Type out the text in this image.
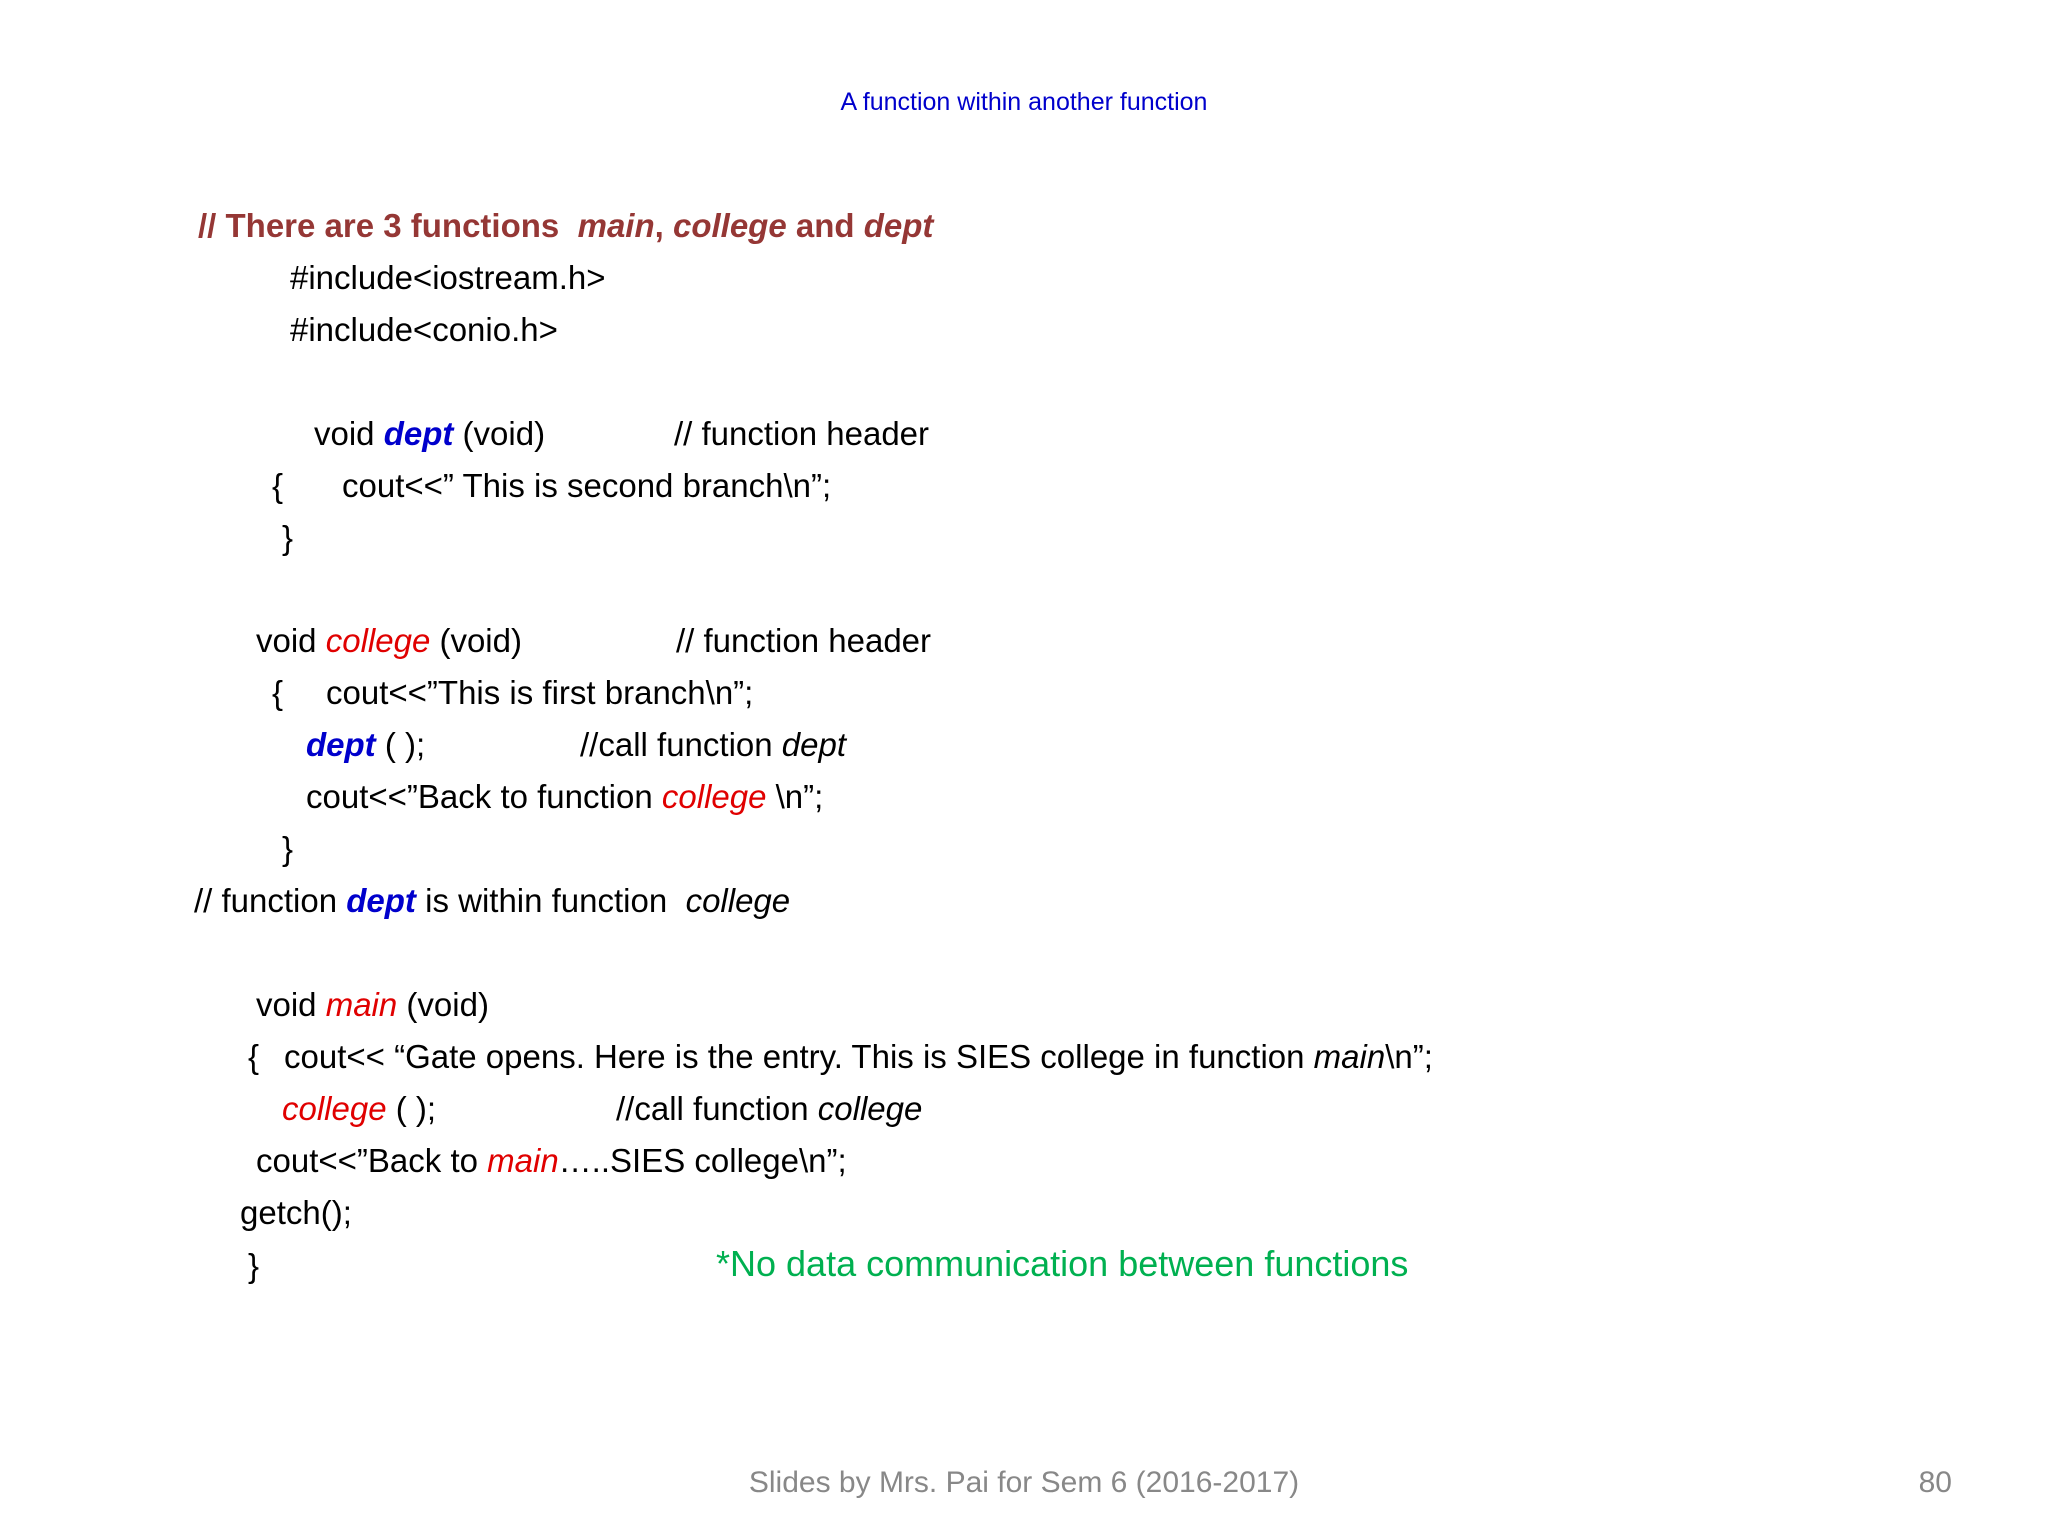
A function within another function
// There are 3 functions  main, college and dept
#include<iostream.h>
#include<conio.h>
void dept (void)	// function header
{ cout<<” This is second branch\n”;
}
void college (void)	// function header
{ cout<<”This is first branch\n”;
dept ( );	//call function dept
cout<<”Back to function college \n”;
}
// function dept is within function  college
void main (void)
{ cout<< “Gate opens. Here is the entry. This is SIES college in function main\n”;
college ( );	//call function college
cout<<”Back to main…..SIES college\n”;
getch();
}	*No data communication between functions
Slides by Mrs. Pai for Sem 6 (2016-2017)	80
